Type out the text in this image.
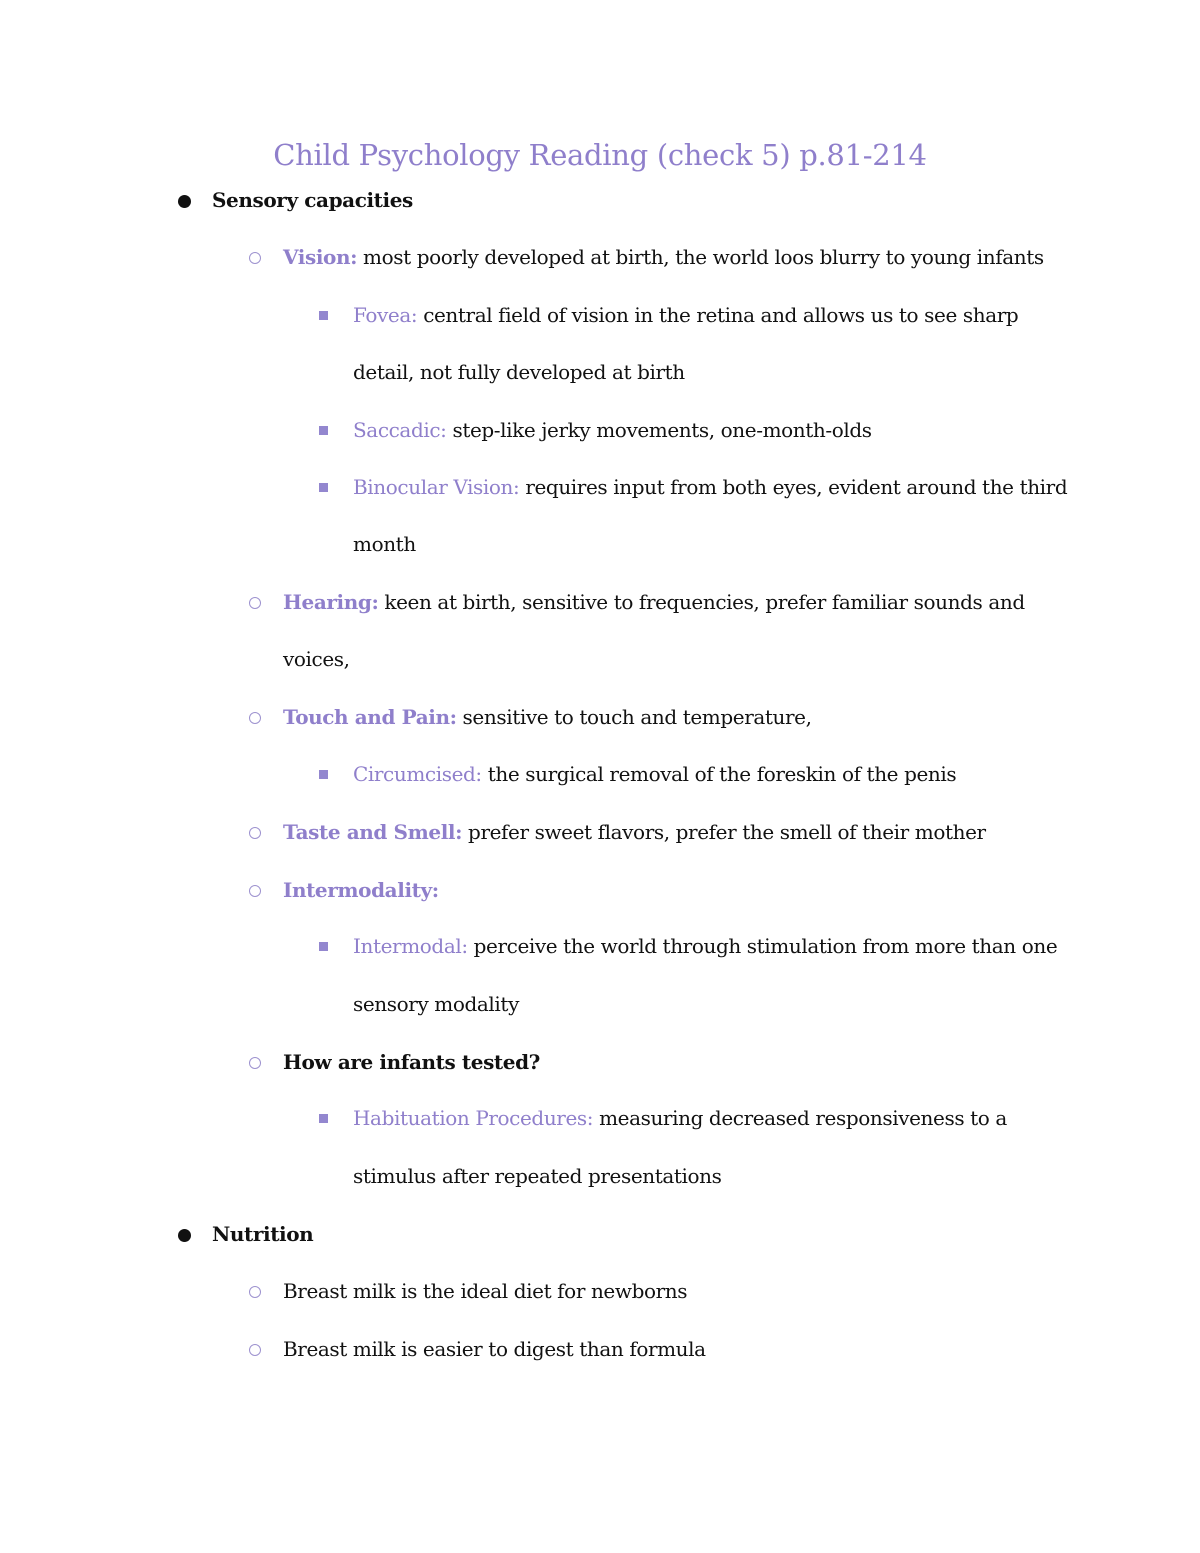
Child Psychology Reading (check 5) p.81-214
Sensory capacities
Vision: most poorly developed at birth, the world loos blurry to young infants
Fovea: central field of vision in the retina and allows us to see sharp
detail, not fully developed at birth
Saccadic: step-like jerky movements, one-month-olds
Binocular Vision: requires input from both eyes, evident around the third
month
Hearing: keen at birth, sensitive to frequencies, prefer familiar sounds and
voices,
Touch and Pain: sensitive to touch and temperature,
Circumcised: the surgical removal of the foreskin of the penis
Taste and Smell: prefer sweet flavors, prefer the smell of their mother
Intermodality:
Intermodal: perceive the world through stimulation from more than one
sensory modality
How are infants tested?
Habituation Procedures: measuring decreased responsiveness to a
stimulus after repeated presentations
Nutrition
Breast milk is the ideal diet for newborns
Breast milk is easier to digest than formula
